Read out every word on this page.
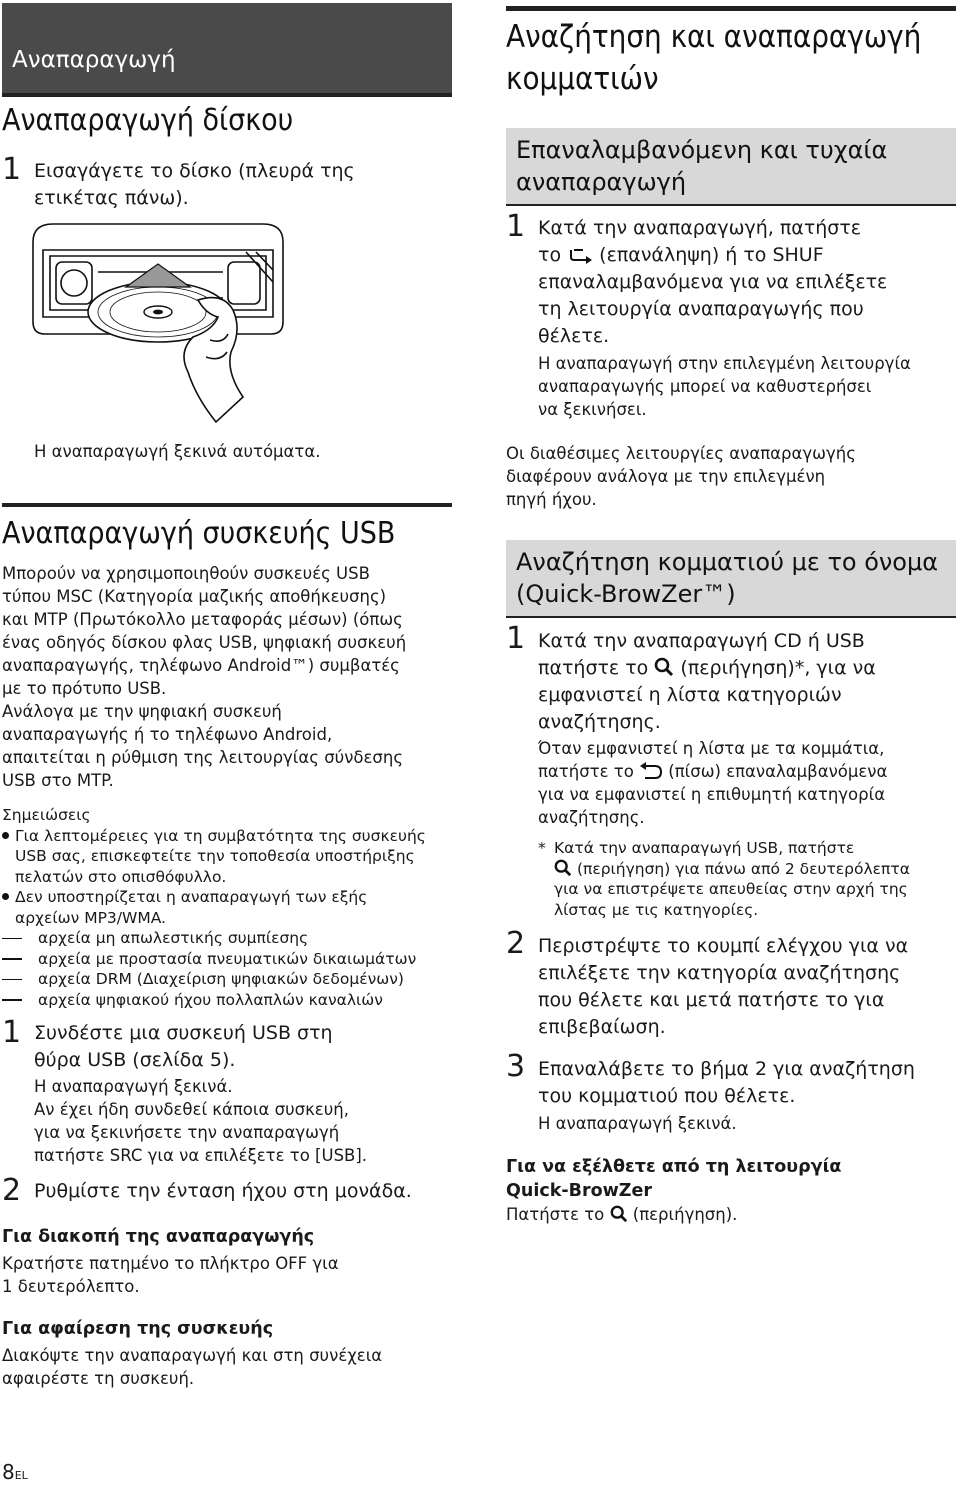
Αναπαραγωγή
Αναπαραγωγή δίσκου
1 Εισαγάγετε το δίσκο (πλευρά της
ετικέτας πάνω).
Η αναπαραγωγή ξεκινά αυτόματα.
Αναπαραγωγή συσκευής USB
Μπορούν να χρησιμοποιηθούν συσκευές USB
τύπου MSC (Κατηγορία μαζικής αποθήκευσης)
και MTP (Πρωτόκολλο μεταφοράς μέσων) (όπως
ένας οδηγός δίσκου φλας USB, ψηφιακή συσκευή
αναπαραγωγής, τηλέφωνο Android™) συμβατές
με το πρότυπο USB.
Ανάλογα με την ψηφιακή συσκευή
αναπαραγωγής ή το τηλέφωνο Android,
απαιτείται η ρύθμιση της λειτουργίας σύνδεσης
USB στο MTP.
Σημειώσεις
Για λεπτομέρειες για τη συμβατότητα της συσκευής
USB σας, επισκεφτείτε την τοποθεσία υποστήριξης
πελατών στο οπισθόφυλλο.
Δεν υποστηρίζεται η αναπαραγωγή των εξής
αρχείων MP3/WMA.
αρχεία μη απωλεστικής συμπίεσης
αρχεία με προστασία πνευματικών δικαιωμάτων
αρχεία DRM (Διαχείριση ψηφιακών δεδομένων)
αρχεία ψηφιακού ήχου πολλαπλών καναλιών
1 Συνδέστε μια συσκευή USB στη
θύρα USB (σελίδα 5).
Η αναπαραγωγή ξεκινά.
Αν έχει ήδη συνδεθεί κάποια συσκευή,
για να ξεκινήσετε την αναπαραγωγή
πατήστε SRC για να επιλέξετε το [USB].
2 Ρυθμίστε την ένταση ήχου στη μονάδα.
Για διακοπή της αναπαραγωγής
Κρατήστε πατημένο το πλήκτρο OFF για
1 δευτερόλεπτο.
Για αφαίρεση της συσκευής
Διακόψτε την αναπαραγωγή και στη συνέχεια
αφαιρέστε τη συσκευή.
8EL
Αναζήτηση και αναπαραγωγή
κομματιών
Επαναλαμβανόμενη και τυχαία
αναπαραγωγή
1 Κατά την αναπαραγωγή, πατήστε
το (επανάληψη) ή το SHUF
επαναλαμβανόμενα για να επιλέξετε
τη λειτουργία αναπαραγωγής που
θέλετε.
Η αναπαραγωγή στην επιλεγμένη λειτουργία
αναπαραγωγής μπορεί να καθυστερήσει
να ξεκινήσει.
Οι διαθέσιμες λειτουργίες αναπαραγωγής
διαφέρουν ανάλογα με την επιλεγμένη
πηγή ήχου.
Αναζήτηση κομματιού με το όνομα
(Quick-BrowZer™)
1 Κατά την αναπαραγωγή CD ή USB
πατήστε το (περιήγηση)*, για να
εμφανιστεί η λίστα κατηγοριών
αναζήτησης.
Όταν εμφανιστεί η λίστα με τα κομμάτια,
πατήστε το (πίσω) επαναλαμβανόμενα
για να εμφανιστεί η επιθυμητή κατηγορία
αναζήτησης.
* Κατά την αναπαραγωγή USB, πατήστε
(περιήγηση) για πάνω από 2 δευτερόλεπτα
για να επιστρέψετε απευθείας στην αρχή της
λίστας με τις κατηγορίες.
2 Περιστρέψτε το κουμπί ελέγχου για να
επιλέξετε την κατηγορία αναζήτησης
που θέλετε και μετά πατήστε το για
επιβεβαίωση.
3 Επαναλάβετε το βήμα 2 για αναζήτηση
του κομματιού που θέλετε.
Η αναπαραγωγή ξεκινά.
Για να εξέλθετε από τη λειτουργία
Quick-BrowZer
Πατήστε το (περιήγηση).
